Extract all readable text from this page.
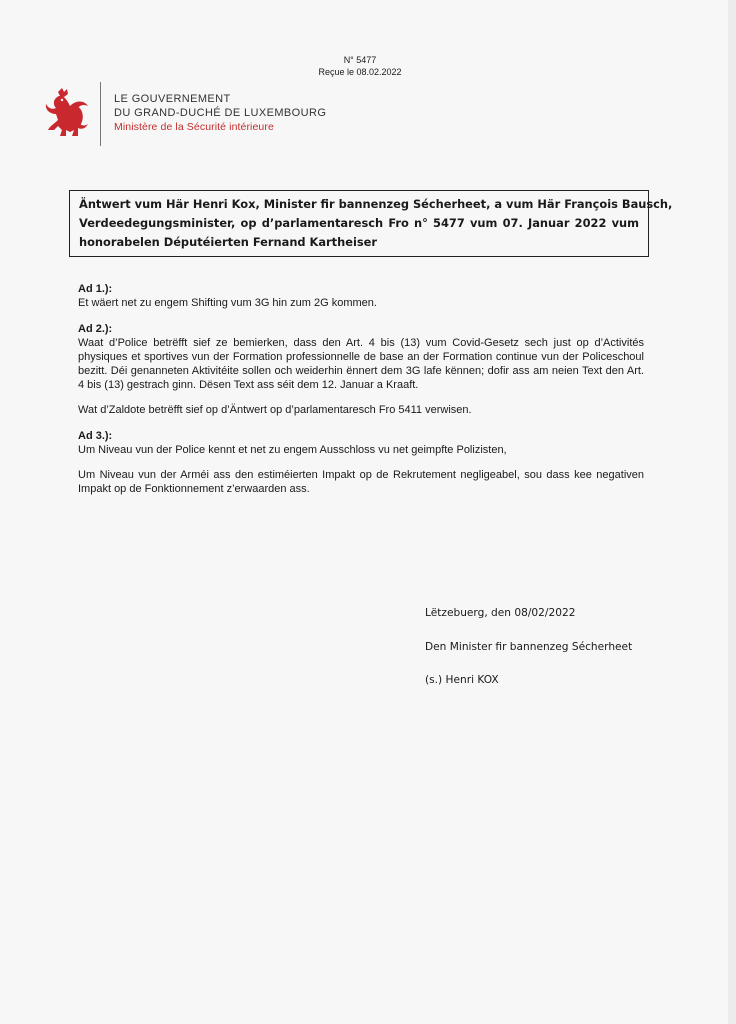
N° 5477
Reçue le 08.02.2022
LE GOUVERNEMENT
DU GRAND-DUCHÉ DE LUXEMBOURG
Ministère de la Sécurité intérieure
Äntwert vum Här Henri Kox, Minister fir bannenzeg Sécherheet, a vum Här François Bausch,
Verdeedegungsminister, op d’parlamentaresch Fro n° 5477 vum 07. Januar 2022 vum
honorabelen Députéierten Fernand Kartheiser

Ad 1.):

Et wäert net zu engem Shifting vum 3G hin zum 2G kommen.

Ad 2.):

Waat d’Police betrëfft sief ze bemierken, dass den Art. 4 bis (13) vum Covid-Gesetz sech just op d’Activités physiques et sportives vun der Formation professionnelle de base an der Formation continue vun der Policeschoul bezitt. Déi genanneten Aktivitéite sollen och weiderhin ënnert dem 3G lafe kënnen; dofir ass am neien Text den Art. 4 bis (13) gestrach ginn. Dësen Text ass séit dem 12. Januar a Kraaft.

Wat d’Zaldote betrëfft sief op d’Äntwert op d’parlamentaresch Fro 5411 verwisen.

Ad 3.):

Um Niveau vun der Police kennt et net zu engem Ausschloss vu net geimpfte Polizisten,

Um Niveau vun der Arméi ass den estiméierten Impakt op de Rekrutement negligeabel, sou dass kee negativen Impakt op de Fonktionnement z’erwaarden ass.

Lëtzebuerg, den 08/02/2022
Den Minister fir bannenzeg Sécherheet
(s.) Henri KOX
